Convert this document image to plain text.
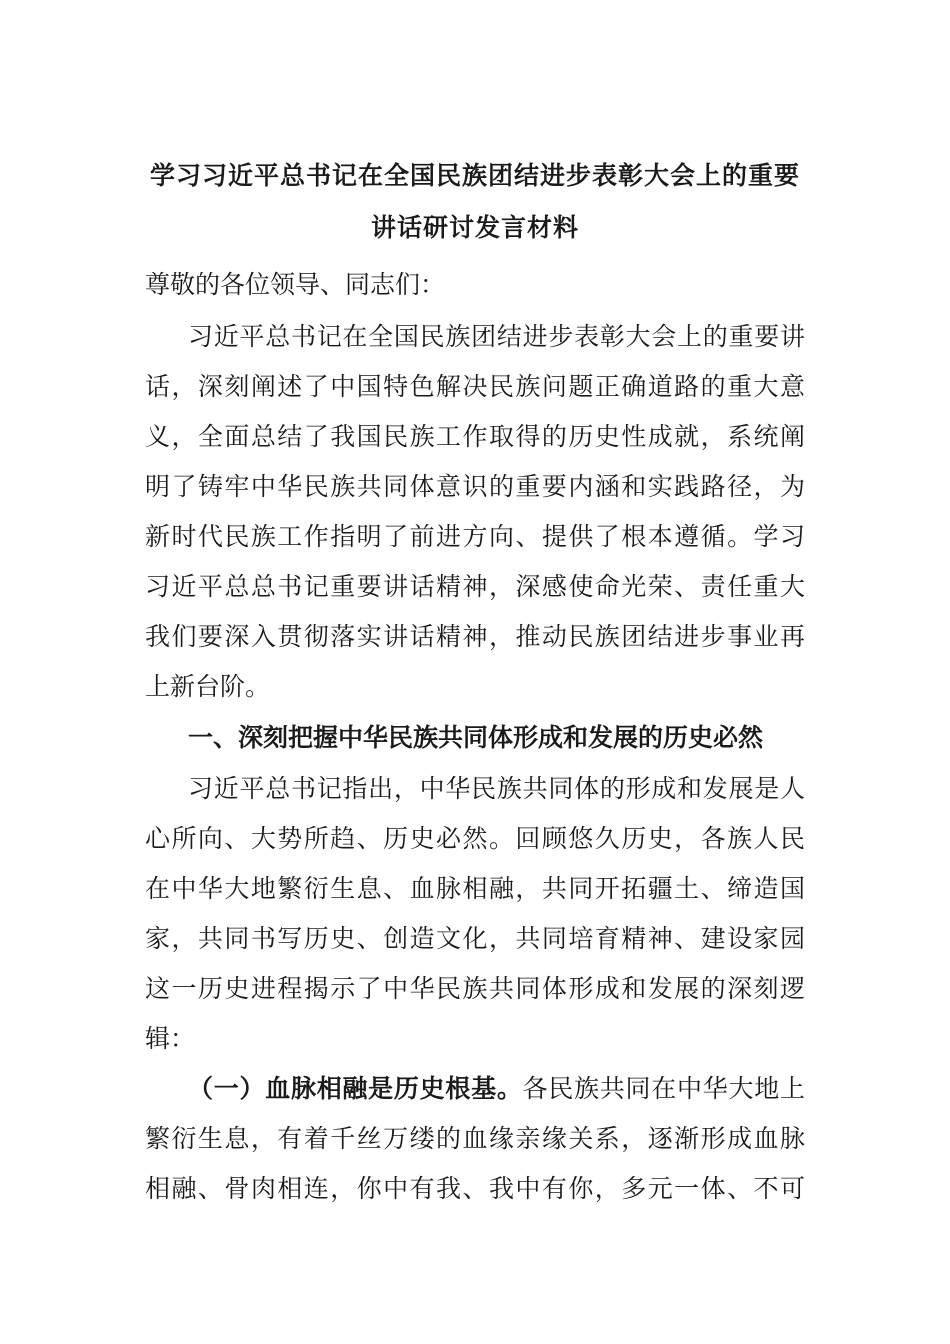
学习习近平总书记在全国民族团结进步表彰大会上的重要
讲话研讨发言材料
尊敬的各位领导、同志们：
习近平总书记在全国民族团结进步表彰大会上的重要讲
话，深刻阐述了中国特色解决民族问题正确道路的重大意
义，全面总结了我国民族工作取得的历史性成就，系统阐
明了铸牢中华民族共同体意识的重要内涵和实践路径，为
新时代民族工作指明了前进方向、提供了根本遵循。学习
习近平总总书记重要讲话精神，深感使命光荣、责任重大
我们要深入贯彻落实讲话精神，推动民族团结进步事业再
上新台阶。
一、深刻把握中华民族共同体形成和发展的历史必然
习近平总书记指出，中华民族共同体的形成和发展是人
心所向、大势所趋、历史必然。回顾悠久历史，各族人民
在中华大地繁衍生息、血脉相融，共同开拓疆土、缔造国
家，共同书写历史、创造文化，共同培育精神、建设家园
这一历史进程揭示了中华民族共同体形成和发展的深刻逻
辑：
（一）血脉相融是历史根基。各民族共同在中华大地上
繁衍生息，有着千丝万缕的血缘亲缘关系，逐渐形成血脉
相融、骨肉相连，你中有我、我中有你，多元一体、不可
